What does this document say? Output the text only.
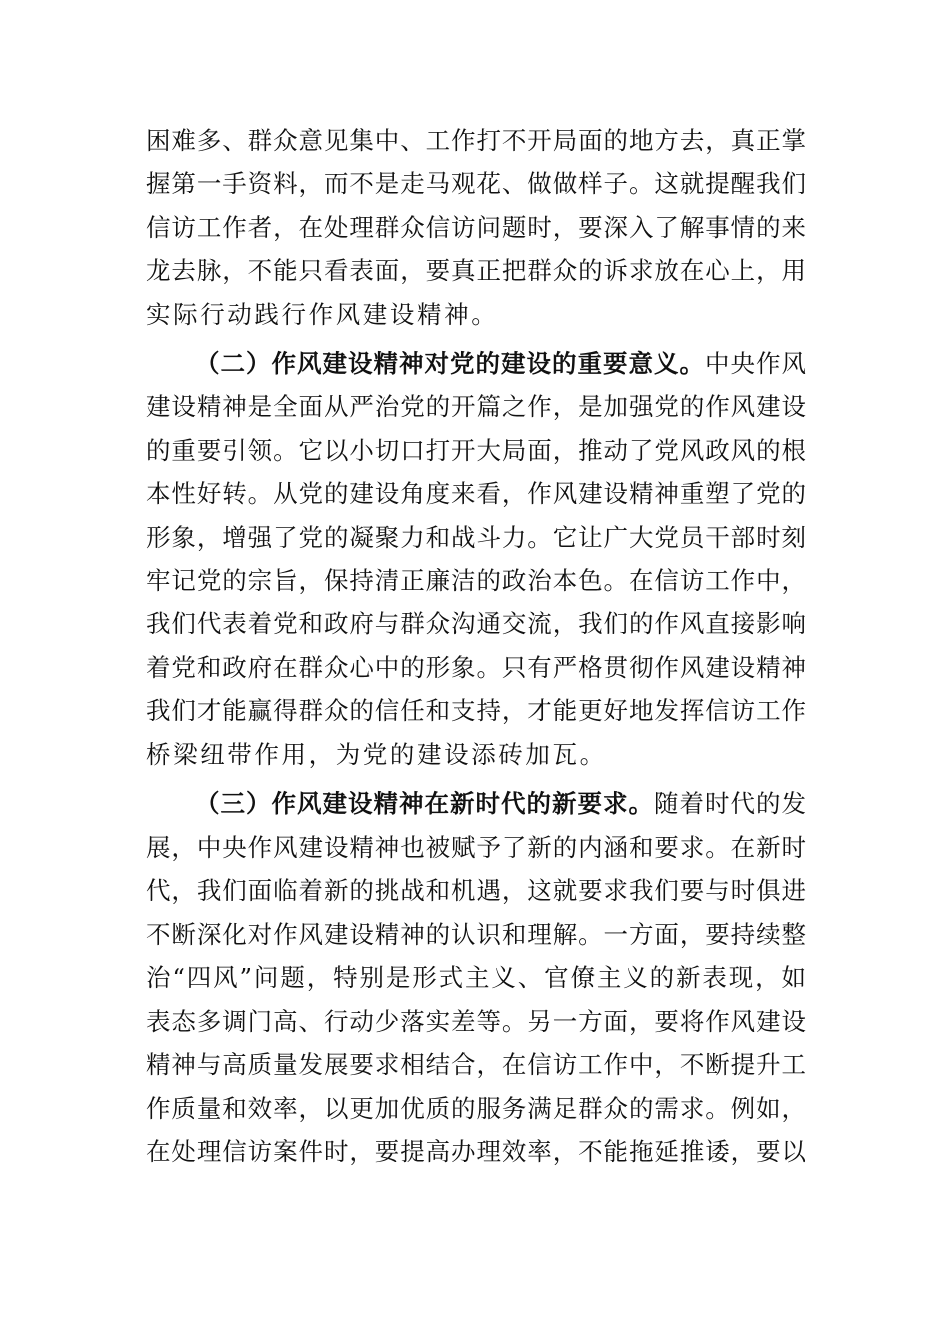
困难多、群众意见集中、工作打不开局面的地方去，真正掌
握第一手资料，而不是走马观花、做做样子。这就提醒我们
信访工作者，在处理群众信访问题时，要深入了解事情的来
龙去脉，不能只看表面，要真正把群众的诉求放在心上，用
实际行动践行作风建设精神。
（二）作风建设精神对党的建设的重要意义。中央作风
建设精神是全面从严治党的开篇之作，是加强党的作风建设
的重要引领。它以小切口打开大局面，推动了党风政风的根
本性好转。从党的建设角度来看，作风建设精神重塑了党的
形象，增强了党的凝聚力和战斗力。它让广大党员干部时刻
牢记党的宗旨，保持清正廉洁的政治本色。在信访工作中，
我们代表着党和政府与群众沟通交流，我们的作风直接影响
着党和政府在群众心中的形象。只有严格贯彻作风建设精神
我们才能赢得群众的信任和支持，才能更好地发挥信访工作
桥梁纽带作用，为党的建设添砖加瓦。
（三）作风建设精神在新时代的新要求。随着时代的发
展，中央作风建设精神也被赋予了新的内涵和要求。在新时
代，我们面临着新的挑战和机遇，这就要求我们要与时俱进
不断深化对作风建设精神的认识和理解。一方面，要持续整
治“四风”问题，特别是形式主义、官僚主义的新表现，如
表态多调门高、行动少落实差等。另一方面，要将作风建设
精神与高质量发展要求相结合，在信访工作中，不断提升工
作质量和效率，以更加优质的服务满足群众的需求。例如，
在处理信访案件时，要提高办理效率，不能拖延推诿，要以
